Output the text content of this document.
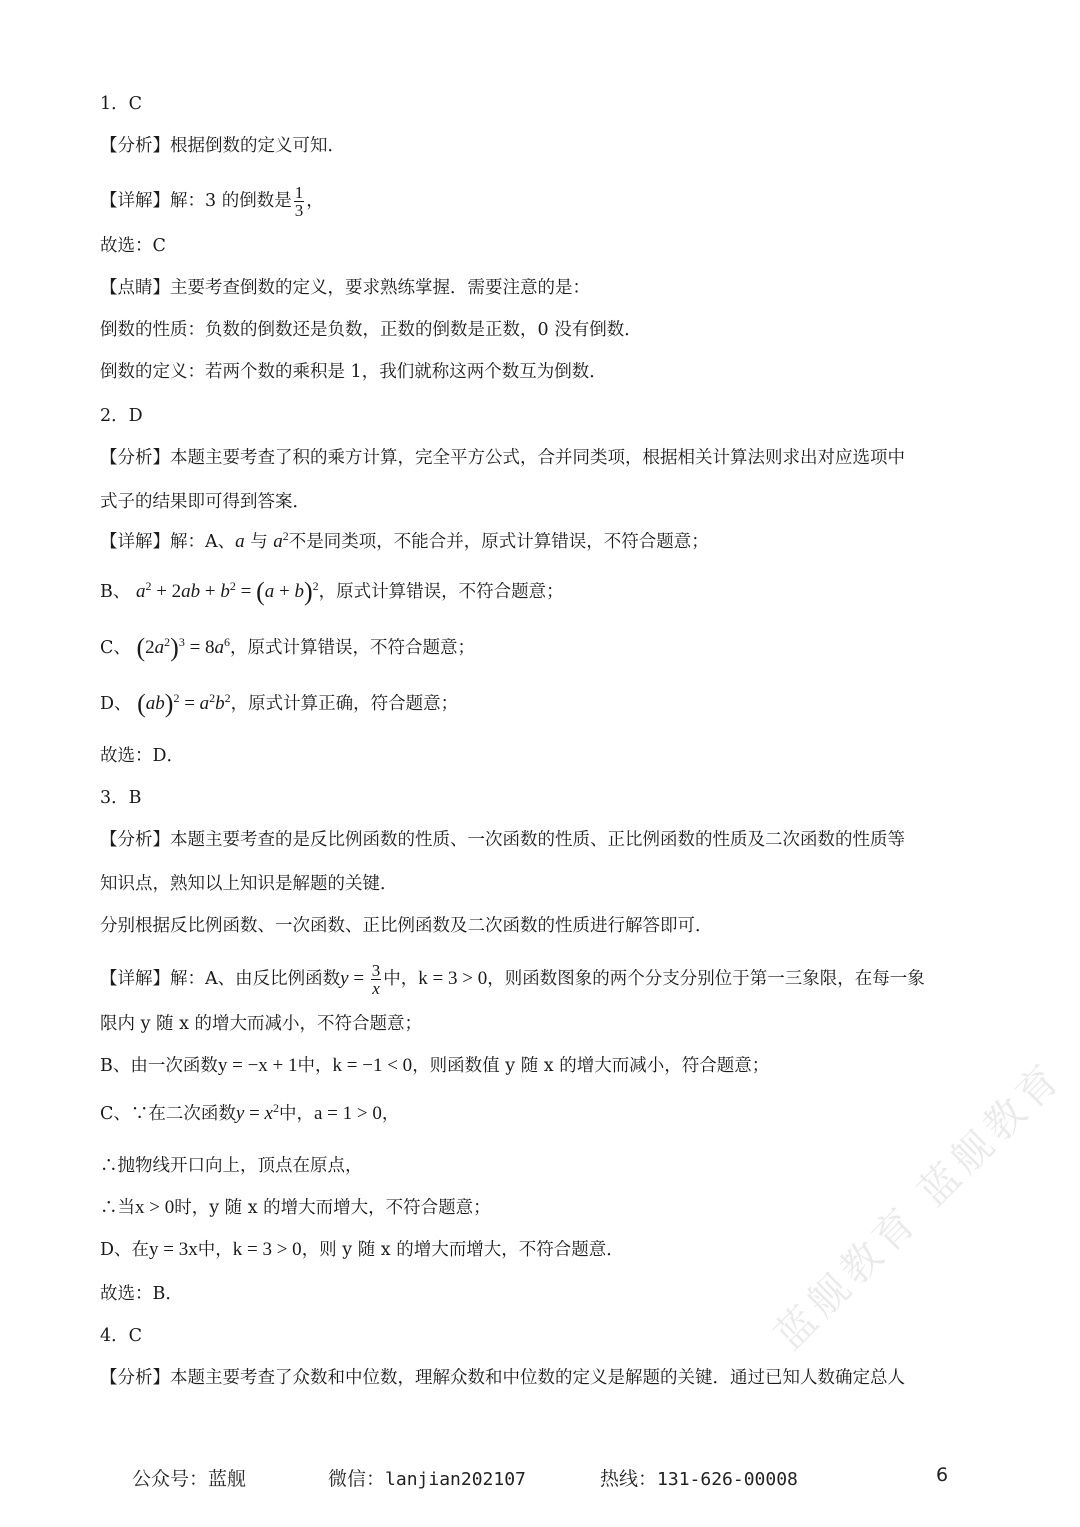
蓝舰教育 蓝舰教育
1．C
【分析】根据倒数的定义可知．
【详解】解：3 的倒数是 $\frac{1}{3}$ ，
故选：C
【点睛】主要考查倒数的定义，要求熟练掌握．需要注意的是：
倒数的性质：负数的倒数还是负数，正数的倒数是正数，0 没有倒数．
倒数的定义：若两个数的乘积是 1，我们就称这两个数互为倒数．
2．D
【分析】本题主要考查了积的乘方计算，完全平方公式，合并同类项，根据相关计算法则求出对应选项中
式子的结果即可得到答案．
【详解】解：A、a 与 $a^2$不是同类项，不能合并，原式计算错误，不符合题意；
B、 $a^2 + 2ab + b^2 = (a + b)^2$，原式计算错误，不符合题意；
C、 $(2a^2)^3 = 8a^6$，原式计算错误，不符合题意；
D、 $(ab)^2 = a^2b^2$，原式计算正确，符合题意；
故选：D．
3．B
【分析】本题主要考查的是反比例函数的性质、一次函数的性质、正比例函数的性质及二次函数的性质等
知识点，熟知以上知识是解题的关键．
分别根据反比例函数、一次函数、正比例函数及二次函数的性质进行解答即可．
【详解】解：A、由反比例函数$y = \frac{3}{x}$ 中，k = 3 > 0，则函数图象的两个分支分别位于第一三象限，在每一象
限内 y 随 x 的增大而减小，不符合题意；
B、由一次函数y = −x + 1中，k = −1 < 0，则函数值 y 随 x 的增大而减小，符合题意；
C、∵在二次函数$y = x^2$中，a = 1 > 0，
∴抛物线开口向上，顶点在原点，
∴当x > 0时，y 随 x 的增大而增大，不符合题意；
D、在y = 3x中，k = 3 > 0，则 y 随 x 的增大而增大，不符合题意．
故选：B．
4．C
【分析】本题主要考查了众数和中位数，理解众数和中位数的定义是解题的关键．通过已知人数确定总人
公众号：蓝舰	微信：lanjian202107	热线：131-626-00008	6
